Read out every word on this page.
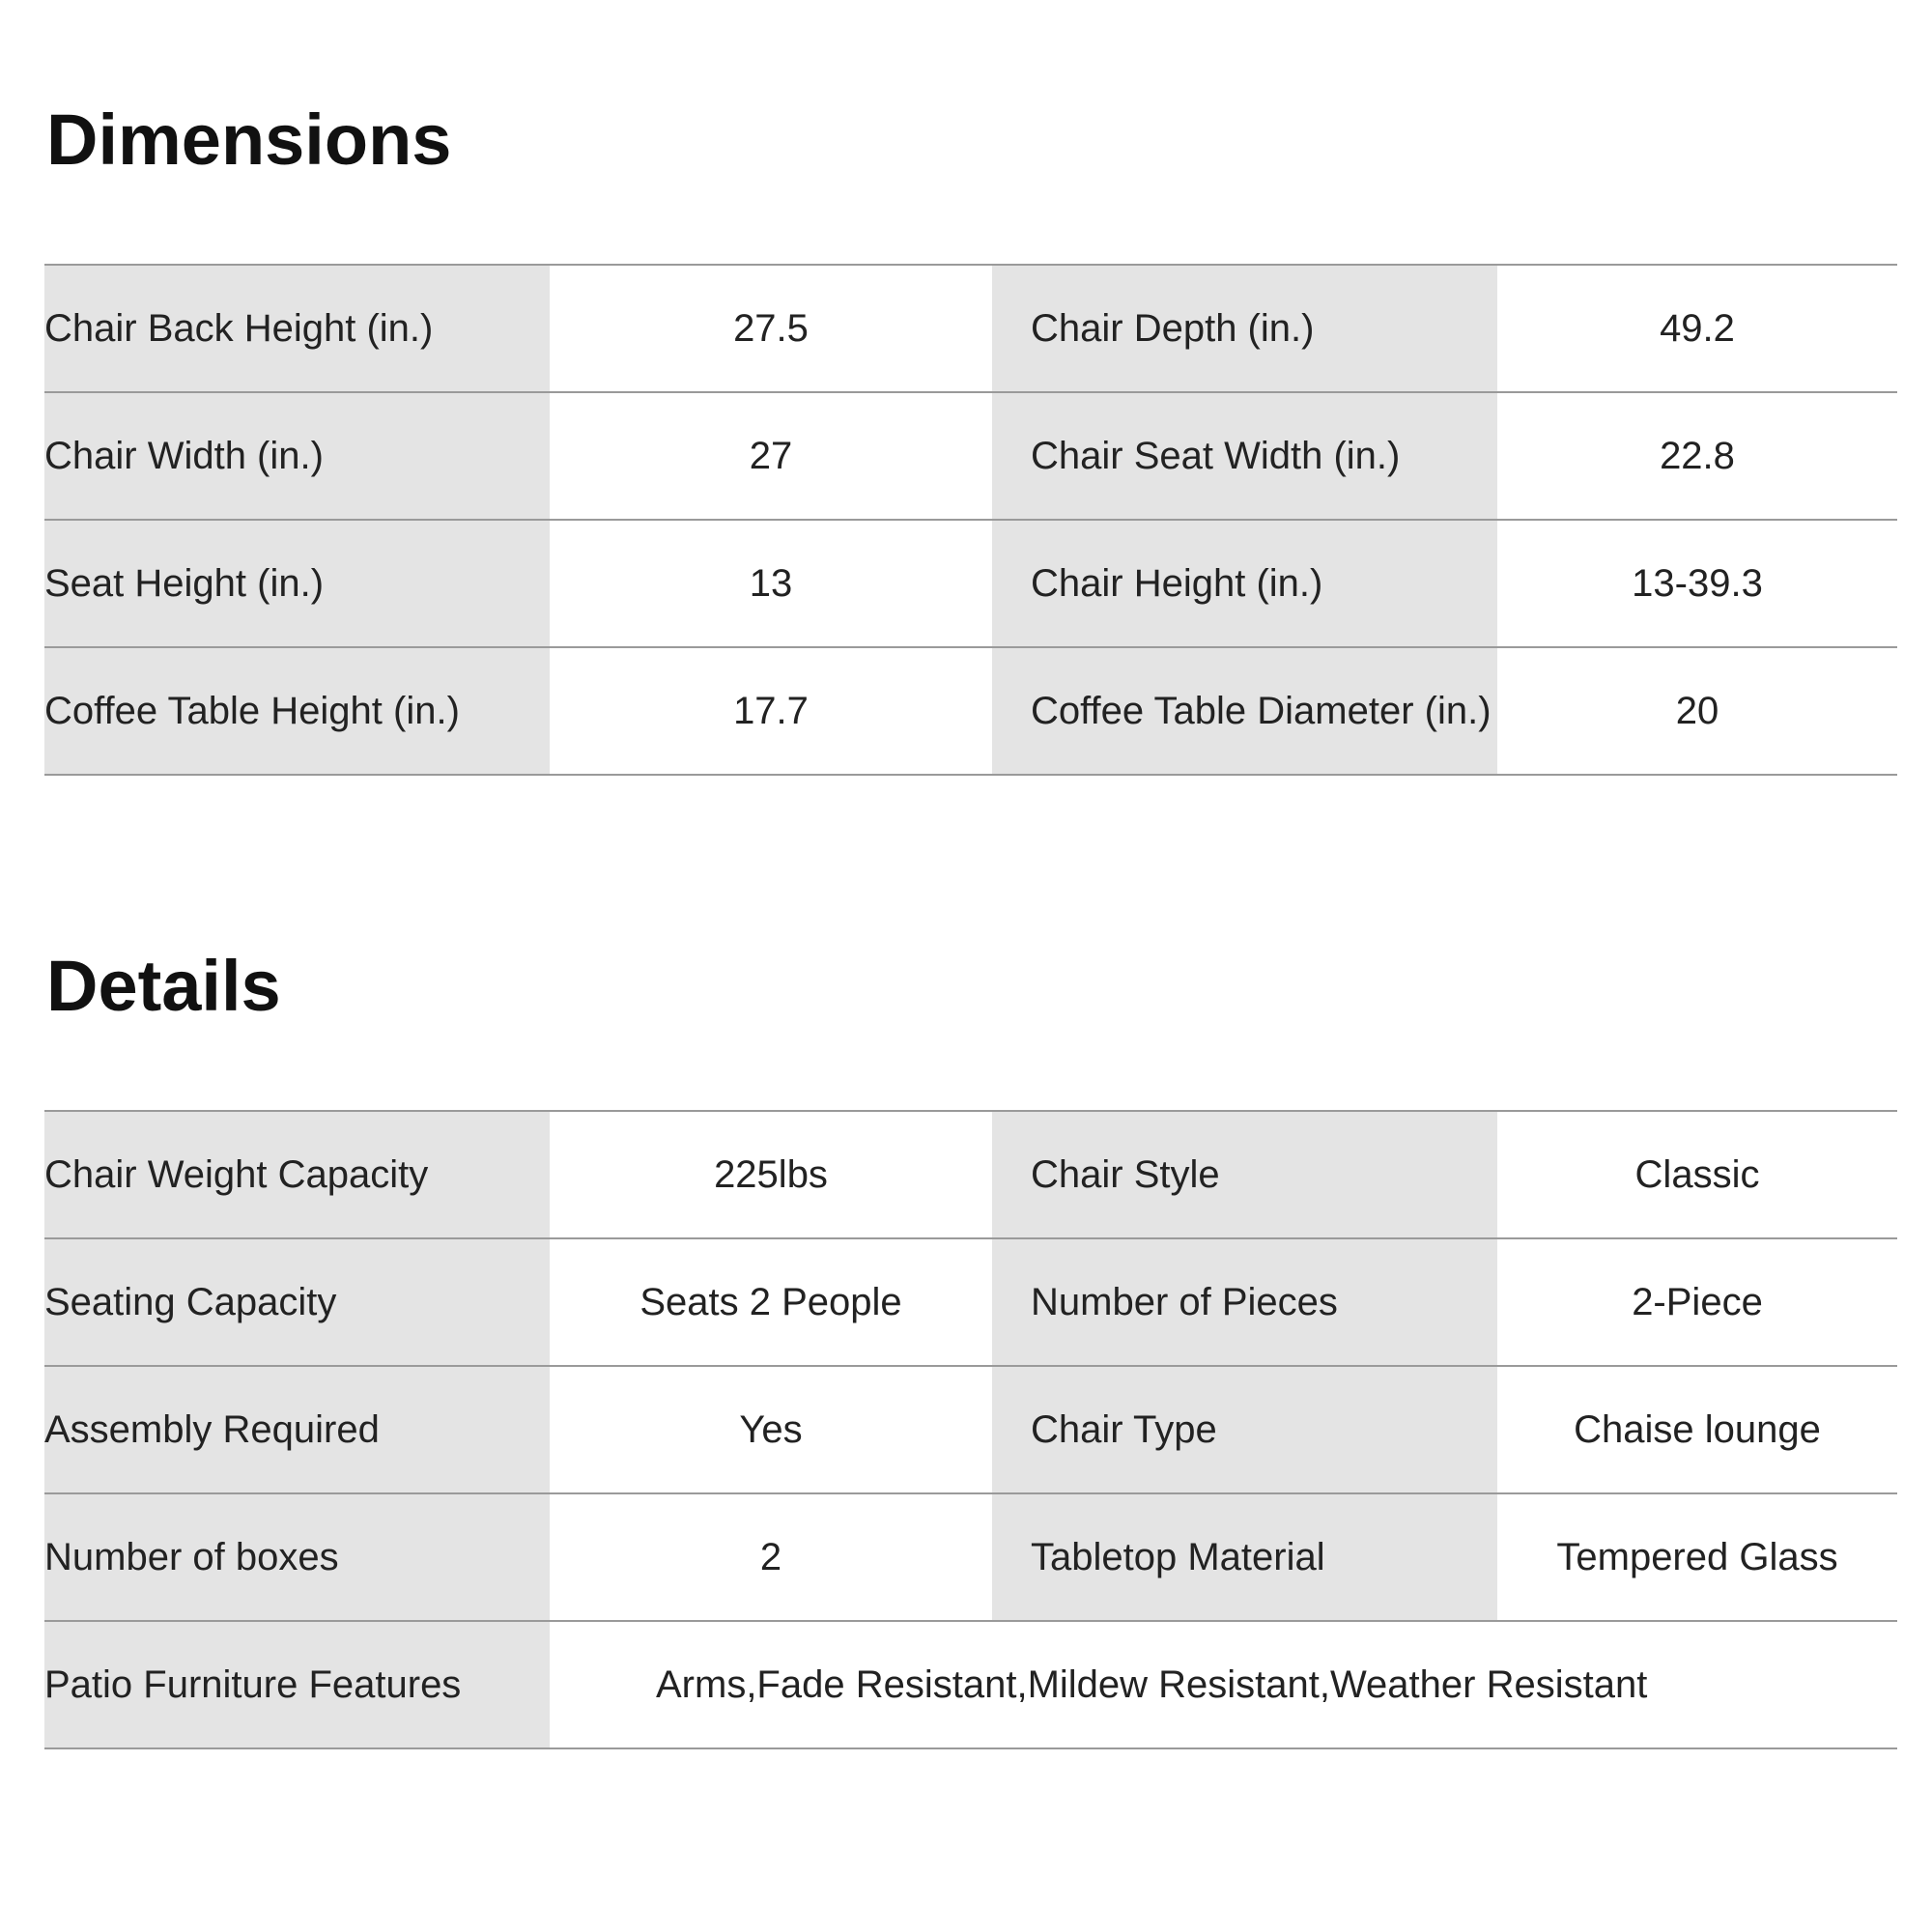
Dimensions
Chair Back Height (in.)	27.5	Chair Depth (in.)	49.2
Chair Width (in.)	27	Chair Seat Width (in.)	22.8
Seat Height (in.)	13	Chair Height (in.)	13-39.3
Coffee Table Height (in.)	17.7	Coffee Table Diameter (in.)	20
Details
Chair Weight Capacity	225lbs	Chair Style	Classic
Seating Capacity	Seats 2 People	Number of Pieces	2-Piece
Assembly Required	Yes	Chair Type	Chaise lounge
Number of boxes	2	Tabletop Material	Tempered Glass
Patio Furniture Features	Arms,Fade Resistant,Mildew Resistant,Weather Resistant		
